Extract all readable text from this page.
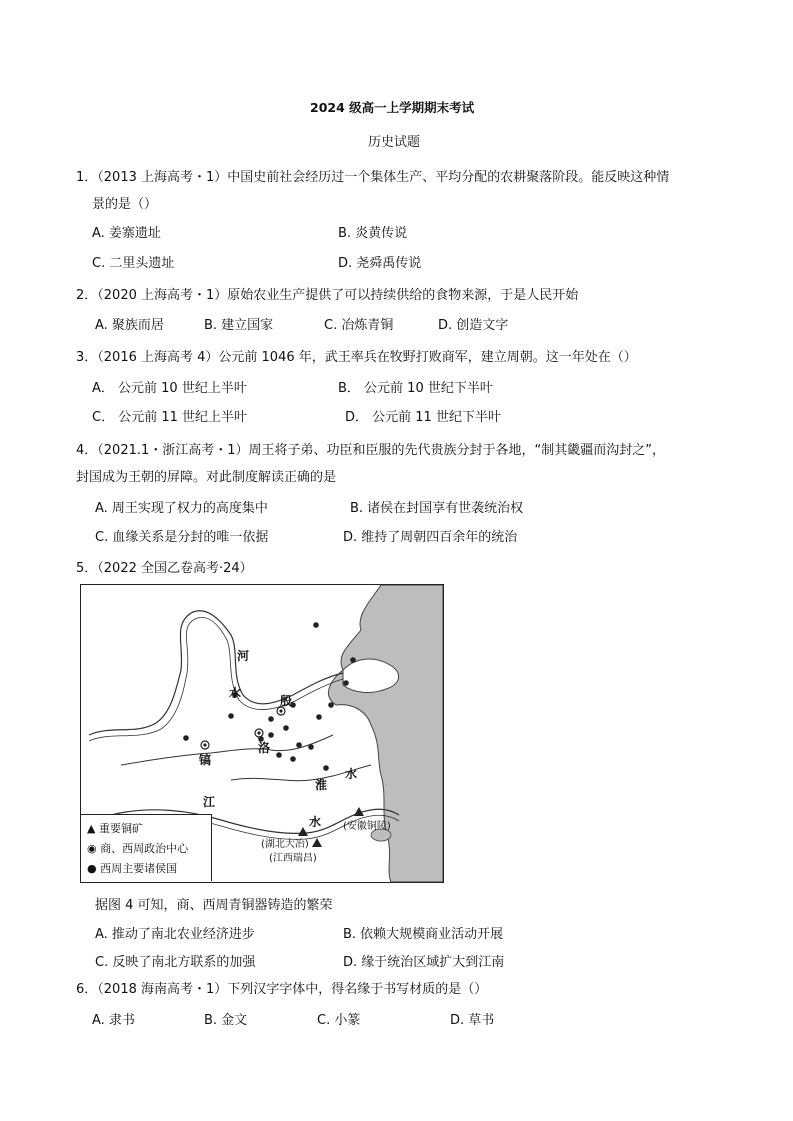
2024 级高一上学期期末考试
历史试题
1．（2013 上海高考・1）中国史前社会经历过一个集体生产、平均分配的农耕聚落阶段。能反映这种情
景的是（）
A. 姜寨遗址	B. 炎黄传说
C. 二里头遗址	D. 尧舜禹传说
2．（2020 上海高考・1）原始农业生产提供了可以持续供给的食物来源，于是人民开始
A. 聚族而居	B. 建立国家	C. 冶炼青铜	D. 创造文字
3．（2016 上海高考 4）公元前 1046 年，武王率兵在牧野打败商军，建立周朝。这一年处在（）
A． 公元前 10 世纪上半叶	B． 公元前 10 世纪下半叶
C． 公元前 11 世纪上半叶	D． 公元前 11 世纪下半叶
4．（2021.1・浙江高考・1）周王将子弟、功臣和臣服的先代贵族分封于各地，“制其畿疆而沟封之”，
封国成为王朝的屏障。对此制度解读正确的是
A. 周王实现了权力的高度集中	B. 诸侯在封国享有世袭统治权
C. 血缘关系是分封的唯一依据	D. 维持了周朝四百余年的统治
5．（2022 全国乙卷高考·24）
河
水
殷
洛
镐
江
水
淮
水 (安徽铜陵)
(湖北大冶)
(江西瑞昌)
▲ 重要铜矿
◉ 商、西周政治中心
● 西周主要诸侯国
据图 4 可知，商、西周青铜器铸造的繁荣
A. 推动了南北农业经济进步	B. 依赖大规模商业活动开展
C. 反映了南北方联系的加强	D. 缘于统治区域扩大到江南
6．（2018 海南高考・1）下列汉字字体中，得名缘于书写材质的是（）
A. 隶书	B. 金文	C. 小篆	D. 草书
